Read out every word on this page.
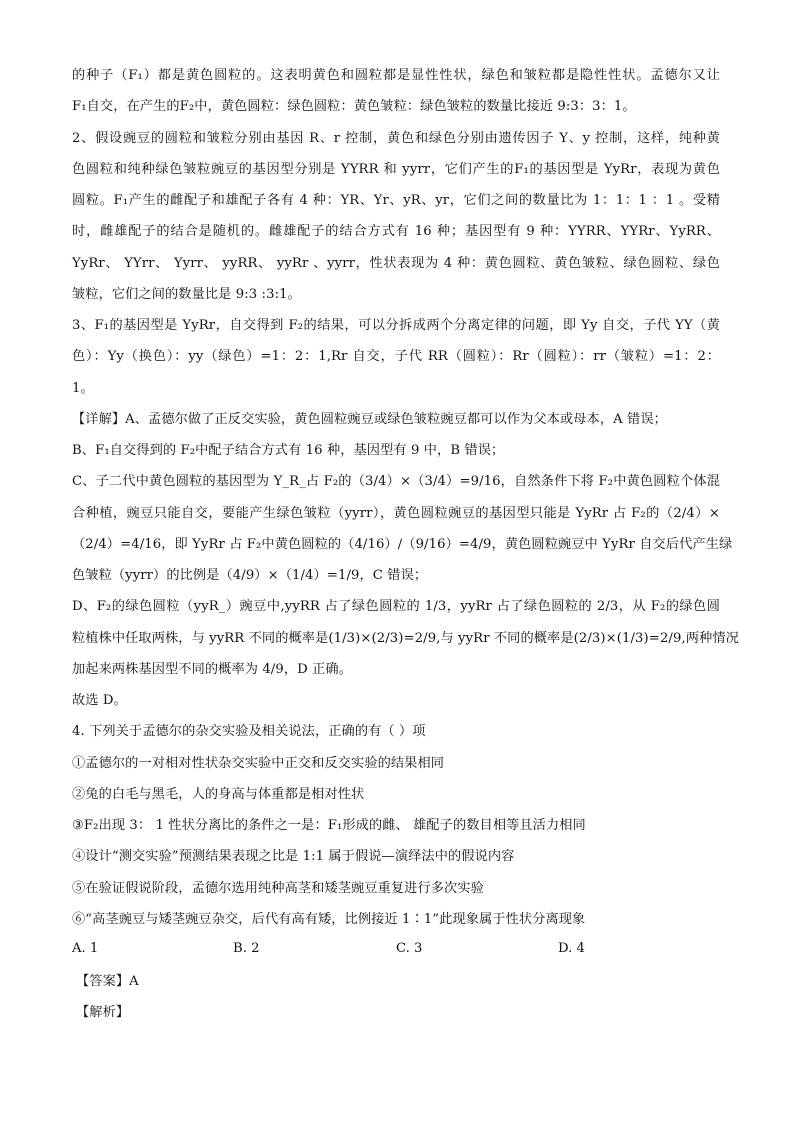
的种子（F₁）都是黄色圆粒的。这表明黄色和圆粒都是显性性状，绿色和皱粒都是隐性性状。孟德尔又让
F₁自交，在产生的F₂中，黄色圆粒：绿色圆粒：黄色皱粒：绿色皱粒的数量比接近 9:3：3：1。
2、假设豌豆的圆粒和皱粒分别由基因 R、r 控制，黄色和绿色分别由遗传因子 Y、y 控制，这样，纯种黄
色圆粒和纯种绿色皱粒豌豆的基因型分别是 YYRR 和 yyrr，它们产生的F₁的基因型是 YyRr，表现为黄色
圆粒。F₁产生的雌配子和雄配子各有 4 种：YR、Yr、yR、yr，它们之间的数量比为 1：1：1 ：1 。受精
时，雌雄配子的结合是随机的。雌雄配子的结合方式有 16 种；基因型有 9 种：YYRR、YYRr、YyRR、
YyRr、 YYrr、 Yyrr、 yyRR、 yyRr 、yyrr，性状表现为 4 种：黄色圆粒、黄色皱粒、绿色圆粒、绿色
皱粒，它们之间的数量比是 9:3 :3:1。
3、F₁的基因型是 YyRr，自交得到 F₂的结果，可以分拆成两个分离定律的问题，即 Yy 自交，子代 YY（黄
色）：Yy（换色）：yy（绿色）=1：2：1,Rr 自交，子代 RR（圆粒）：Rr（圆粒）：rr（皱粒）=1：2：
1。
【详解】A、孟德尔做了正反交实验，黄色圆粒豌豆或绿色皱粒豌豆都可以作为父本或母本，A 错误；
B、F₁自交得到的 F₂中配子结合方式有 16 种，基因型有 9 中，B 错误；
C、子二代中黄色圆粒的基因型为 Y_R_占 F₂的（3/4）×（3/4）=9/16，自然条件下将 F₂中黄色圆粒个体混
合种植，豌豆只能自交，要能产生绿色皱粒（yyrr），黄色圆粒豌豆的基因型只能是 YyRr 占 F₂的（2/4）×
（2/4）=4/16，即 YyRr 占 F₂中黄色圆粒的（4/16）/（9/16）=4/9，黄色圆粒豌豆中 YyRr 自交后代产生绿
色皱粒（yyrr）的比例是（4/9）×（1/4）=1/9，C 错误；
D、F₂的绿色圆粒（yyR_）豌豆中,yyRR 占了绿色圆粒的 1/3，yyRr 占了绿色圆粒的 2/3，从 F₂的绿色圆
粒植株中任取两株，与 yyRR 不同的概率是(1/3)×(2/3)=2/9,与 yyRr 不同的概率是(2/3)×(1/3)=2/9,两种情况
加起来两株基因型不同的概率为 4/9，D 正确。
故选 D。
4. 下列关于孟德尔的杂交实验及相关说法，正确的有（ ）项
①孟德尔的一对相对性状杂交实验中正交和反交实验的结果相同
②兔的白毛与黑毛，人的身高与体重都是相对性状
③F₂出现 3： 1 性状分离比的条件之一是：F₁形成的雌、 雄配子的数目相等且活力相同
④设计“测交实验”预测结果表现之比是 1:1 属于假说—演绎法中的假说内容
⑤在验证假说阶段，孟德尔选用纯种高茎和矮茎豌豆重复进行多次实验
⑥“高茎豌豆与矮茎豌豆杂交，后代有高有矮，比例接近 1∶1”此现象属于性状分离现象
A. 1	B. 2	C. 3	D. 4
【答案】A
【解析】
